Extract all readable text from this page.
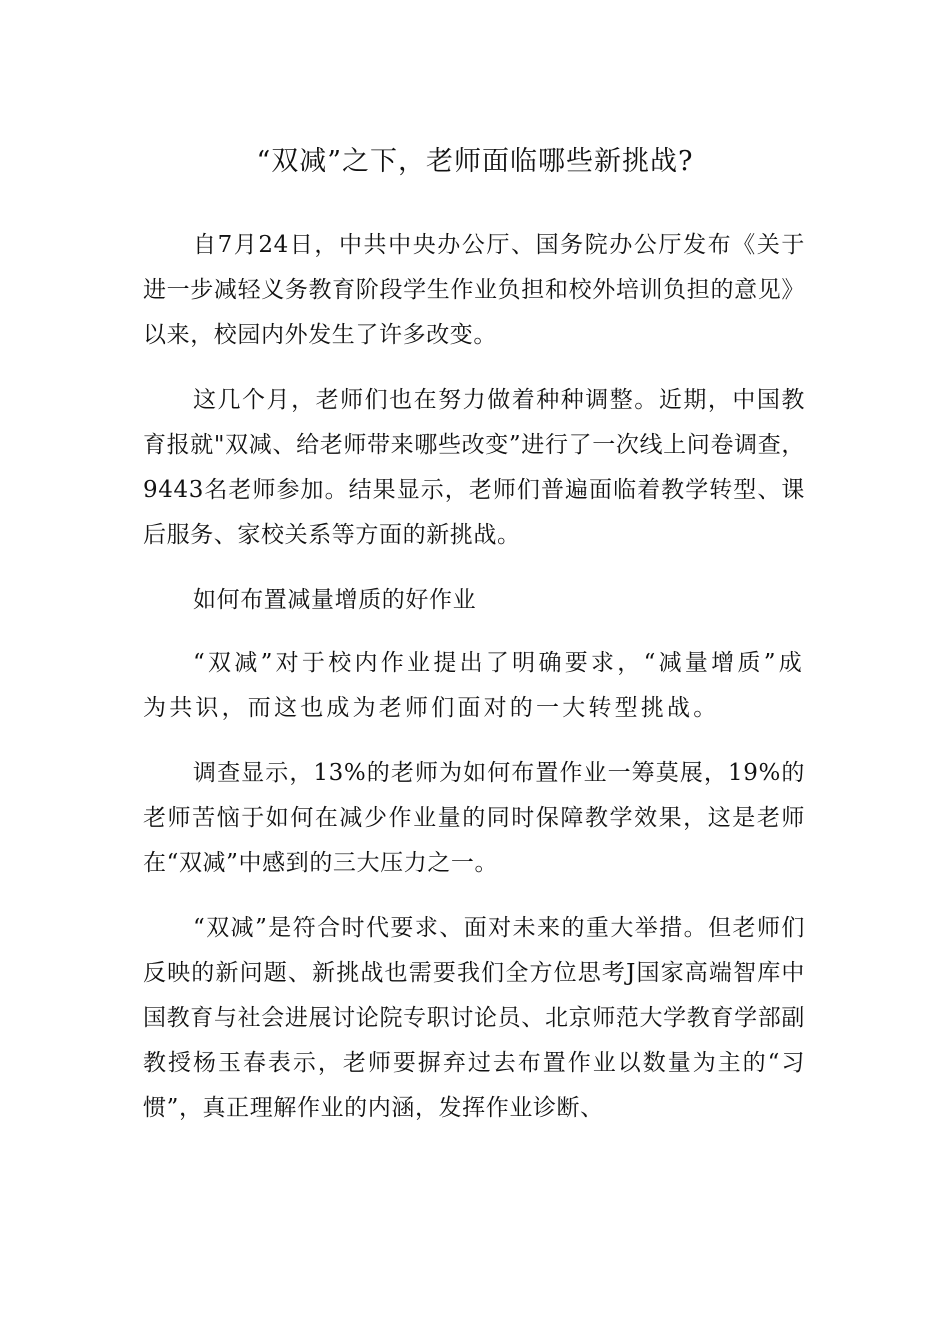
“双减”之下，老师面临哪些新挑战?

自7月24日，中共中央办公厅、国务院办公厅发布《关于进一步减轻义务教育阶段学生作业负担和校外培训负担的意见》以来，校园内外发生了许多改变。

这几个月，老师们也在努力做着种种调整。近期，中国教育报就"双减、给老师带来哪些改变”进行了一次线上问卷调查，9443名老师参加。结果显示，老师们普遍面临着教学转型、课后服务、家校关系等方面的新挑战。

如何布置减量增质的好作业

“双减”对于校内作业提出了明确要求，“减量增质”成为共识，而这也成为老师们面对的一大转型挑战。

调查显示，13%的老师为如何布置作业一筹莫展，19%的老师苦恼于如何在减少作业量的同时保障教学效果，这是老师在“双减”中感到的三大压力之一。

“双减”是符合时代要求、面对未来的重大举措。但老师们反映的新问题、新挑战也需要我们全方位思考J国家高端智库中国教育与社会进展讨论院专职讨论员、北京师范大学教育学部副教授杨玉春表示，老师要摒弃过去布置作业以数量为主的“习惯”，真正理解作业的内涵，发挥作业诊断、
